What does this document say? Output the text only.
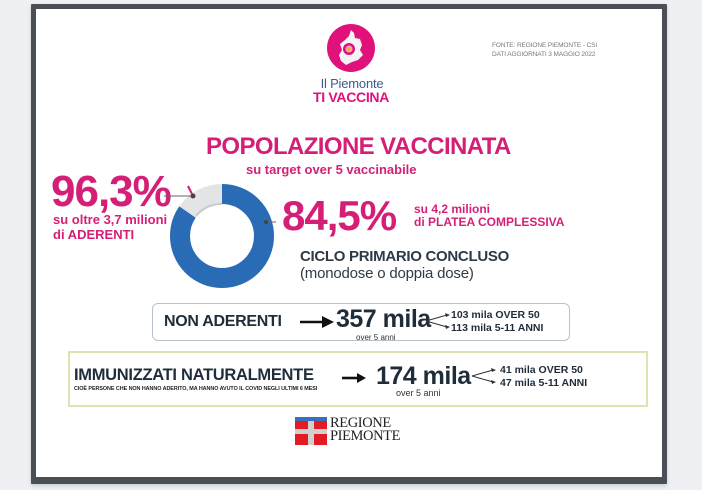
Il Piemonte
TI VACCINA
FONTE: REGIONE PIEMONTE - CSI
DATI AGGIORNATI 3 MAGGIO 2022
POPOLAZIONE VACCINATA
su target over 5 vaccinabile
96,3%
su oltre 3,7 milioni
di ADERENTI	84,5% su 4,2 milioni
di PLATEA COMPLESSIVA
CICLO PRIMARIO CONCLUSO
(monodose o doppia dose)
NON ADERENTI 357 mila
over 5 anni
103 mila OVER 50
113 mila 5-11 ANNI
IMMUNIZZATI NATURALMENTE
CIOÈ PERSONE CHE NON HANNO ADERITO, MA HANNO AVUTO IL COVID NEGLI ULTIMI 6 MESI 174 mila
over 5 anni
41 mila OVER 50
47 mila 5-11 ANNI
REGIONE
PIEMONTE
